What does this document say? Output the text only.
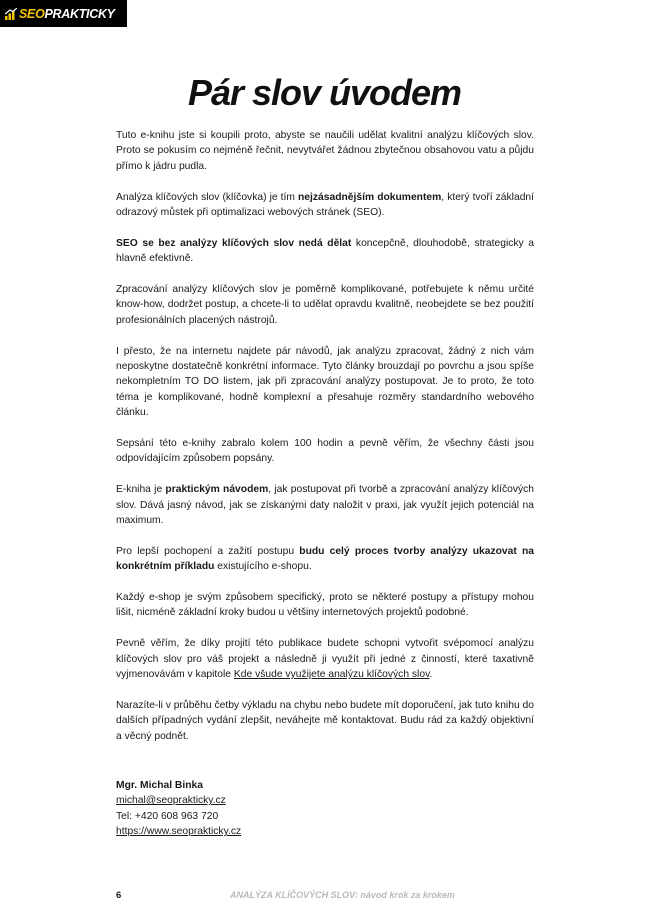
SEOPRAKTICKY
Pár slov úvodem

Tuto e-knihu jste si koupili proto, abyste se naučili udělat kvalitní analýzu klíčových slov. Proto se pokusím co nejméně řečnit, nevytvářet žádnou zbytečnou obsahovou vatu a půjdu přímo k jádru pudla.

Analýza klíčových slov (klíčovka) je tím nejzásadnějším dokumentem, který tvoří základní odrazový můstek při optimalizaci webových stránek (SEO).

SEO se bez analýzy klíčových slov nedá dělat koncepčně, dlouhodobě, strategicky a hlavně efektivně.

Zpracování analýzy klíčových slov je poměrně komplikované, potřebujete k němu určité know-how, dodržet postup, a chcete-li to udělat opravdu kvalitně, neobejdete se bez použití profesionálních placených nástrojů.

I přesto, že na internetu najdete pár návodů, jak analýzu zpracovat, žádný z nich vám neposkytne dostatečně konkrétní informace. Tyto články brouzdají po povrchu a jsou spíše nekompletním TO DO listem, jak při zpracování analýzy postupovat. Je to proto, že toto téma je komplikované, hodně komplexní a přesahuje rozměry standardního webového článku.

Sepsání této e-knihy zabralo kolem 100 hodin a pevně věřím, že všechny části jsou odpovídajícím způsobem popsány.

E-kniha je praktickým návodem, jak postupovat při tvorbě a zpracování analýzy klíčových slov. Dává jasný návod, jak se získanými daty naložit v praxi, jak využít jejich potenciál na maximum.

Pro lepší pochopení a zažití postupu budu celý proces tvorby analýzy ukazovat na konkrétním příkladu existujícího e-shopu.

Každý e-shop je svým způsobem specifický, proto se některé postupy a přístupy mohou lišit, nicméně základní kroky budou u většiny internetových projektů podobné.

Pevně věřím, že díky projití této publikace budete schopni vytvořit svépomocí analýzu klíčových slov pro váš projekt a následně ji využít při jedné z činností, které taxativně vyjmenovávám v kapitole Kde všude využijete analýzu klíčových slov.

Narazíte-li v průběhu četby výkladu na chybu nebo budete mít doporučení, jak tuto knihu do dalších případných vydání zlepšit, neváhejte mě kontaktovat. Budu rád za každý objektivní a věcný podnět.

Mgr. Michal Binka
michal@seoprakticky.cz
Tel: +420 608 963 720
https://www.seoprakticky.cz
6	ANALÝZA KLÍČOVÝCH SLOV: návod krok za krokem
